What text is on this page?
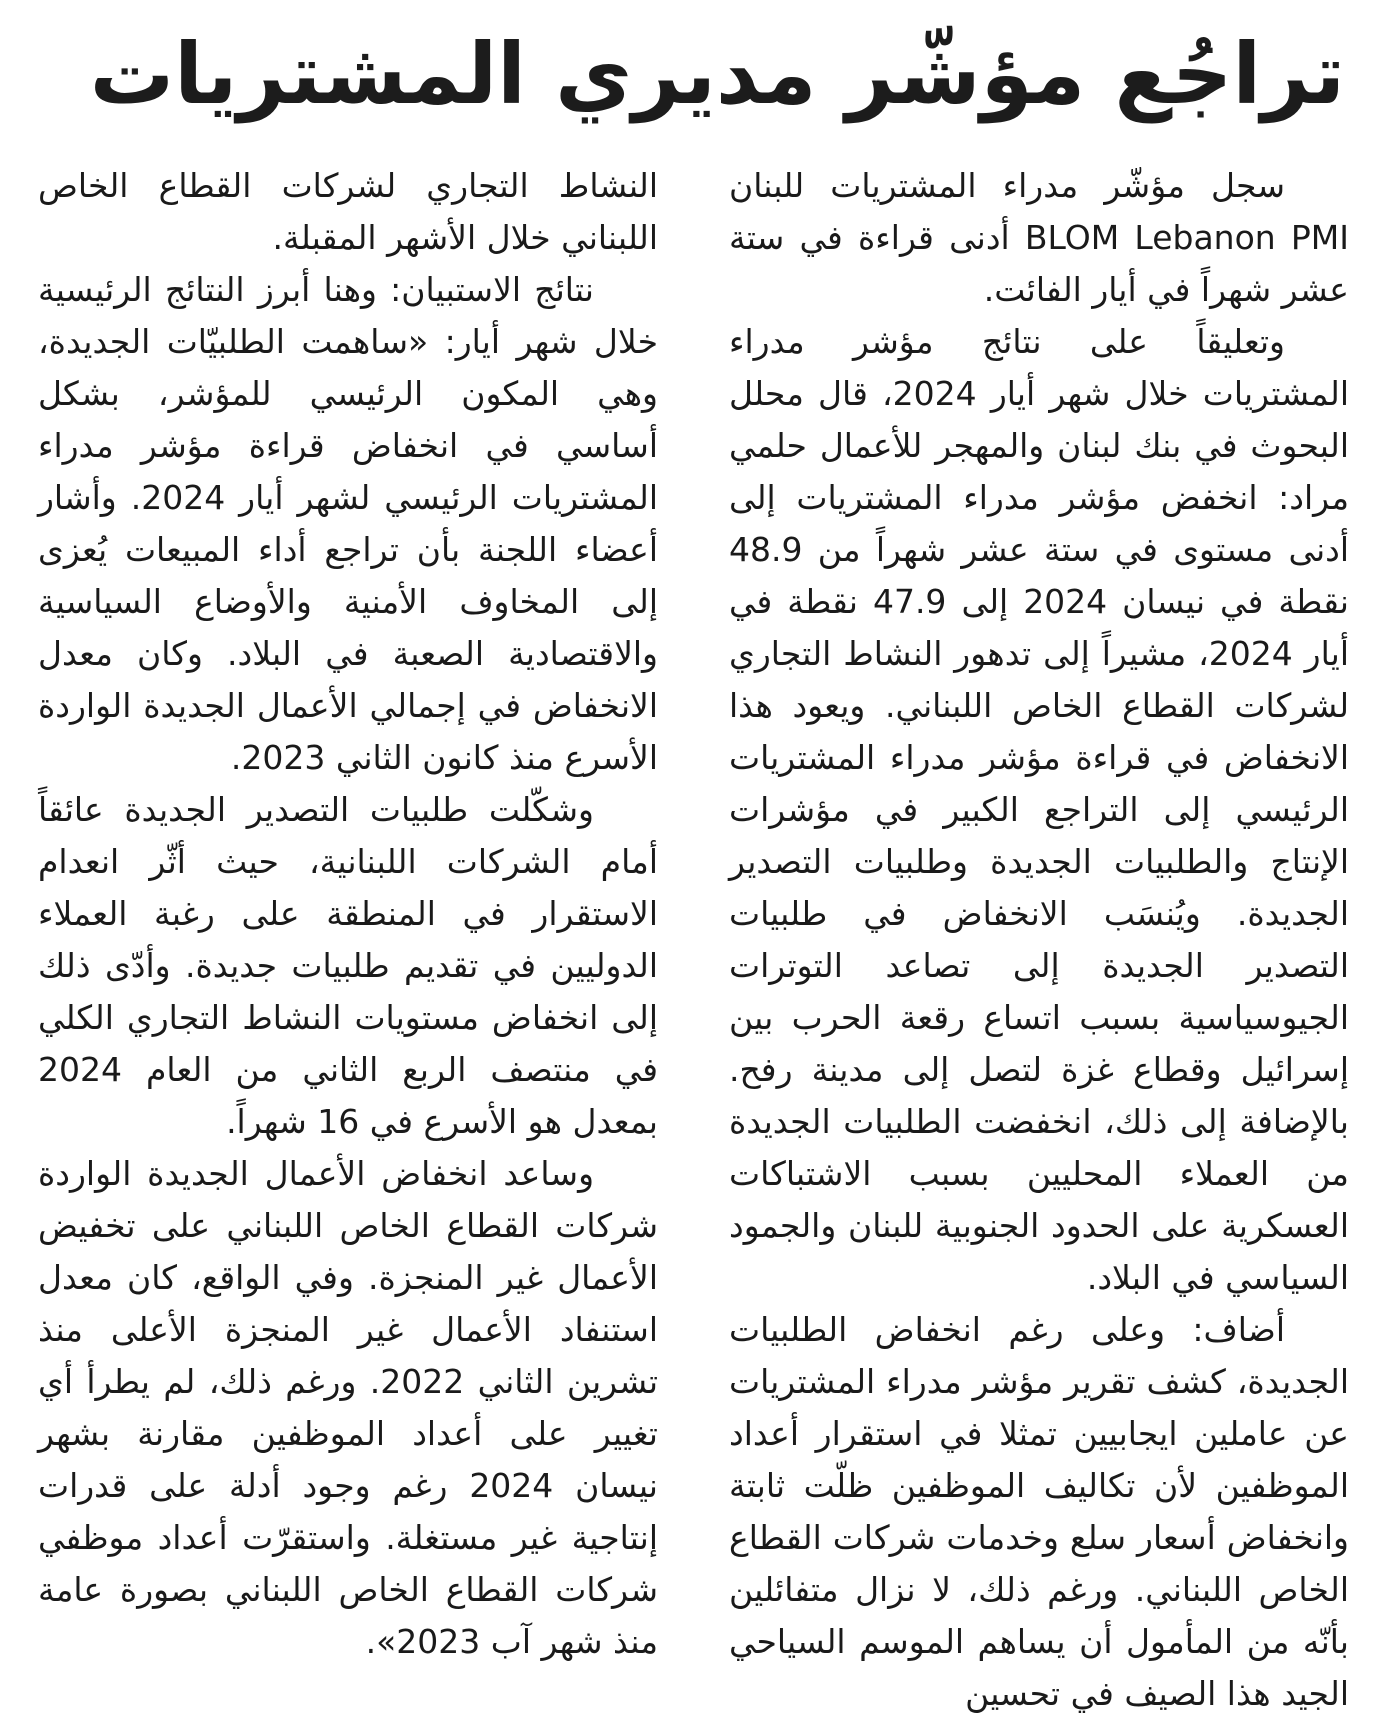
تراجُع مؤشّر مديري المشتريات

سجل مؤشّر مدراء المشتريات للبنان BLOM Lebanon PMI أدنى قراءة في ستة عشر شهراً في أيار الفائت.

وتعليقاً على نتائج مؤشر مدراء المشتريات خلال شهر أيار 2024، قال محلل البحوث في بنك لبنان والمهجر للأعمال حلمي مراد: انخفض مؤشر مدراء المشتريات إلى أدنى مستوى في ستة عشر شهراً من 48.9 نقطة في نيسان 2024 إلى 47.9 نقطة في أيار 2024، مشيراً إلى تدهور النشاط التجاري لشركات القطاع الخاص اللبناني. ويعود هذا الانخفاض في قراءة مؤشر مدراء المشتريات الرئيسي إلى التراجع الكبير في مؤشرات الإنتاج والطلبيات الجديدة وطلبيات التصدير الجديدة. ويُنسَب الانخفاض في طلبيات التصدير الجديدة إلى تصاعد التوترات الجيوسياسية بسبب اتساع رقعة الحرب بين إسرائيل وقطاع غزة لتصل إلى مدينة رفح. بالإضافة إلى ذلك، انخفضت الطلبيات الجديدة من العملاء المحليين بسبب الاشتباكات العسكرية على الحدود الجنوبية للبنان والجمود السياسي في البلاد.

أضاف: وعلى رغم انخفاض الطلبيات الجديدة، كشف تقرير مؤشر مدراء المشتريات عن عاملين ايجابيين تمثلا في استقرار أعداد الموظفين لأن تكاليف الموظفين ظلّت ثابتة وانخفاض أسعار سلع وخدمات شركات القطاع الخاص اللبناني. ورغم ذلك، لا نزال متفائلين بأنّه من المأمول أن يساهم الموسم السياحي الجيد هذا الصيف في تحسين

النشاط التجاري لشركات القطاع الخاص اللبناني خلال الأشهر المقبلة.

نتائج الاستبيان: وهنا أبرز النتائج الرئيسية خلال شهر أيار: «ساهمت الطلبيّات الجديدة، وهي المكون الرئيسي للمؤشر، بشكل أساسي في انخفاض قراءة مؤشر مدراء المشتريات الرئيسي لشهر أيار 2024. وأشار أعضاء اللجنة بأن تراجع أداء المبيعات يُعزى إلى المخاوف الأمنية والأوضاع السياسية والاقتصادية الصعبة في البلاد. وكان معدل الانخفاض في إجمالي الأعمال الجديدة الواردة الأسرع منذ كانون الثاني 2023.

وشكّلت طلبيات التصدير الجديدة عائقاً أمام الشركات اللبنانية، حيث أثّر انعدام الاستقرار في المنطقة على رغبة العملاء الدوليين في تقديم طلبيات جديدة. وأدّى ذلك إلى انخفاض مستويات النشاط التجاري الكلي في منتصف الربع الثاني من العام 2024 بمعدل هو الأسرع في 16 شهراً.

وساعد انخفاض الأعمال الجديدة الواردة شركات القطاع الخاص اللبناني على تخفيض الأعمال غير المنجزة. وفي الواقع، كان معدل استنفاد الأعمال غير المنجزة الأعلى منذ تشرين الثاني 2022. ورغم ذلك، لم يطرأ أي تغيير على أعداد الموظفين مقارنة بشهر نيسان 2024 رغم وجود أدلة على قدرات إنتاجية غير مستغلة. واستقرّت أعداد موظفي شركات القطاع الخاص اللبناني بصورة عامة منذ شهر آب 2023».
